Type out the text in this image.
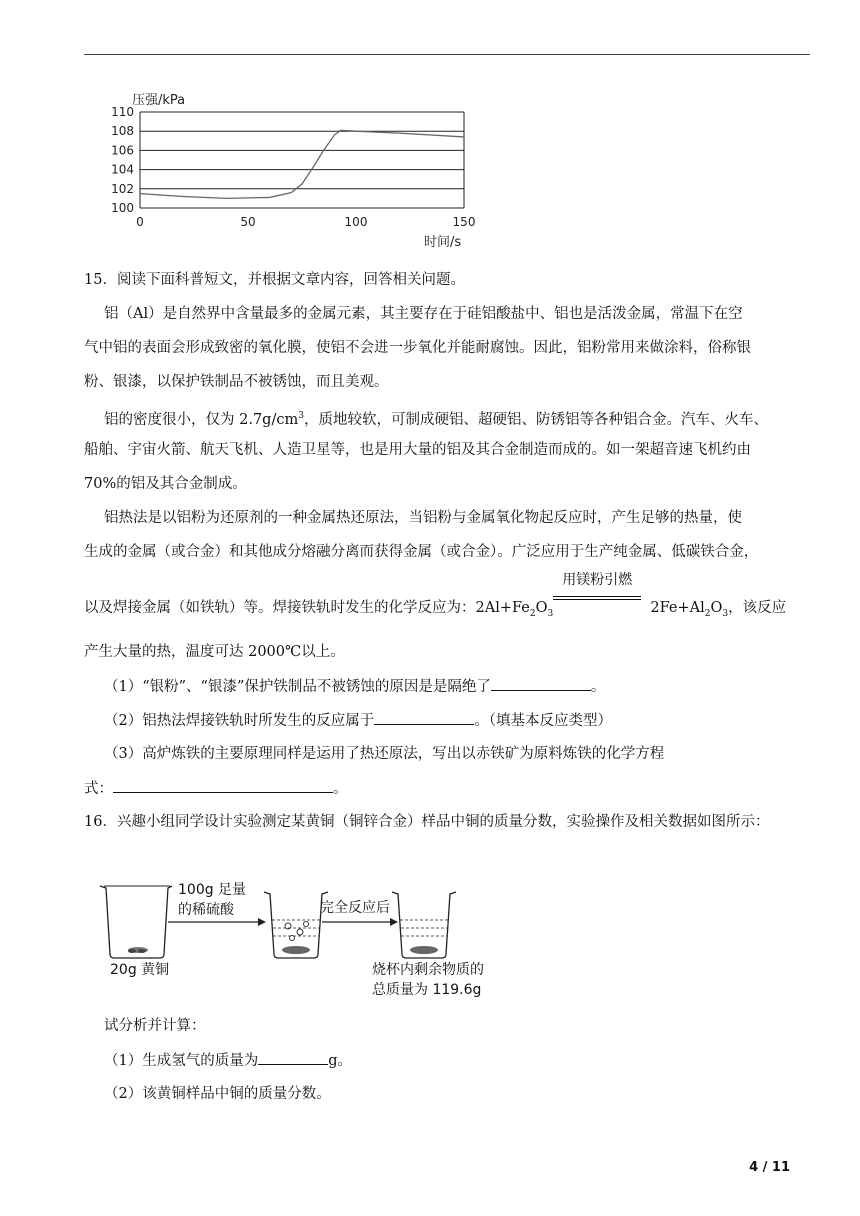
压强/kPa
100
102
104
106
108
110
0	50	100	150
时间/s
15．阅读下面科普短文，并根据文章内容，回答相关问题。
铝（Al）是自然界中含量最多的金属元素，其主要存在于硅铝酸盐中、铝也是活泼金属，常温下在空
气中铝的表面会形成致密的氧化膜，使铝不会进一步氧化并能耐腐蚀。因此，铝粉常用来做涂料，俗称银
粉、银漆，以保护铁制品不被锈蚀，而且美观。
铝的密度很小，仅为 $2.7g/cm^3$，质地较软，可制成硬铝、超硬铝、防锈铝等各种铝合金。汽车、火车、
船舶、宇宙火箭、航天飞机、人造卫星等，也是用大量的铝及其合金制造而成的。如一架超音速飞机约由
70%的铝及其合金制成。
铝热法是以铝粉为还原剂的一种金属热还原法，当铝粉与金属氧化物起反应时，产生足够的热量，使
生成的金属（或合金）和其他成分熔融分离而获得金属（或合金）。广泛应用于生产纯金属、低碳铁合金，
以及焊接金属（如铁轨）等。焊接铁轨时发生的化学反应为：$2Al+Fe_2O_3$
用镁粉引燃
$2Fe+Al_2O_3$，该反应
产生大量的热，温度可达 2000℃以上。
（1）“银粉”、“银漆”保护铁制品不被锈蚀的原因是是隔绝了	。
（2）铝热法焊接铁轨时所发生的反应属于	。（填基本反应类型）
（3）高炉炼铁的主要原理同样是运用了热还原法，写出以赤铁矿为原料炼铁的化学方程
式：	。
16．兴趣小组同学设计实验测定某黄铜（铜锌合金）样品中铜的质量分数，实验操作及相关数据如图所示：
100g 足量
的稀硫酸	完全反应后
20g 黄铜	烧杯内剩余物质的
总质量为 119.6g
试分析并计算：
（1）生成氢气的质量为	g。
（2）该黄铜样品中铜的质量分数。
4 / 11
